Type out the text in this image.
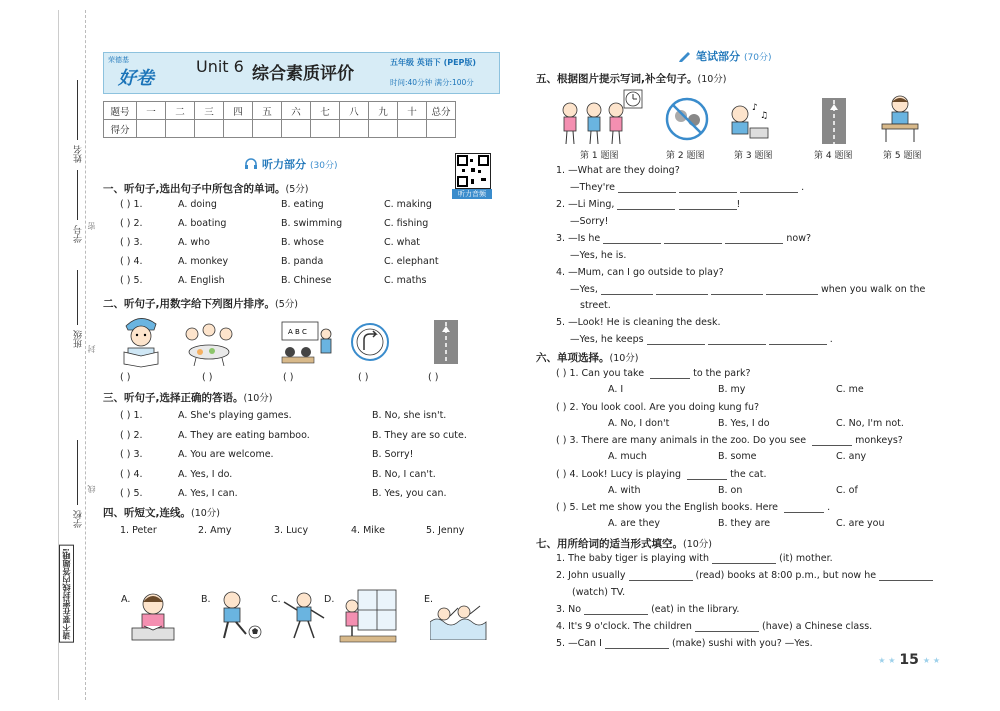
姓名
学号
班级
学校
密
封
线
请不要在密封线内答题哦!
荣德基
好卷
Unit 6 综合素质评价
五年级 英语下 (PEP版)
时间:40分钟 满分:100分
题号	一	二	三	四	五	六	七	八	九	十	总分
得分											
听力部分 (30分)
听力音频
一、听句子,选出句子中所包含的单词。(5分)
( ) 1.	A. doing	B. eating	C. making
( ) 2.	A. boating	B. swimming	C. fishing
( ) 3.	A. who	B. whose	C. what
( ) 4.	A. monkey	B. panda	C. elephant
( ) 5.	A. English	B. Chinese	C. maths
二、听句子,用数字给下列图片排序。(5分)
A B C
( )	( )	( )	( )	( )
三、听句子,选择正确的答语。(10分)
( ) 1.	A. She's playing games.	B. No, she isn't.
( ) 2.	A. They are eating bamboo.	B. They are so cute.
( ) 3.	A. You are welcome.	B. Sorry!
( ) 4.	A. Yes, I do.	B. No, I can't.
( ) 5.	A. Yes, I can.	B. Yes, you can.
四、听短文,连线。(10分)
1. Peter	2. Amy	3. Lucy	4. Mike	5. Jenny
A.	B.	C.	D.	E.
笔试部分 (70分)
五、根据图片提示写词,补全句子。(10分)
♪
♫
第 1 题图	第 2 题图	第 3 题图	第 4 题图	第 5 题图
1. —What are they doing?
—They're	.
2. —Li Ming,	!
—Sorry!
3. —Is he	now?
—Yes, he is.
4. —Mum, can I go outside to play?
—Yes,	when you walk on the
street.
5. —Look! He is cleaning the desk.
—Yes, he keeps	.
六、单项选择。(10分)
( ) 1. Can you take	to the park?
A. I	B. my	C. me
( ) 2. You look cool. Are you doing kung fu?
A. No, I don't	B. Yes, I do	C. No, I'm not.
( ) 3. There are many animals in the zoo. Do you see	monkeys?
A. much	B. some	C. any
( ) 4. Look! Lucy is playing	the cat.
A. with	B. on	C. of
( ) 5. Let me show you the English books. Here	.
A. are they	B. they are	C. are you
七、用所给词的适当形式填空。(10分)
1. The baby tiger is playing with	(it) mother.
2. John usually	(read) books at 8:00 p.m., but now he
(watch) TV.
3. No	(eat) in the library.
4. It's 9 o'clock. The children	(have) a Chinese class.
5. —Can I	(make) sushi with you? —Yes.
★ ★ 15 ★ ★
